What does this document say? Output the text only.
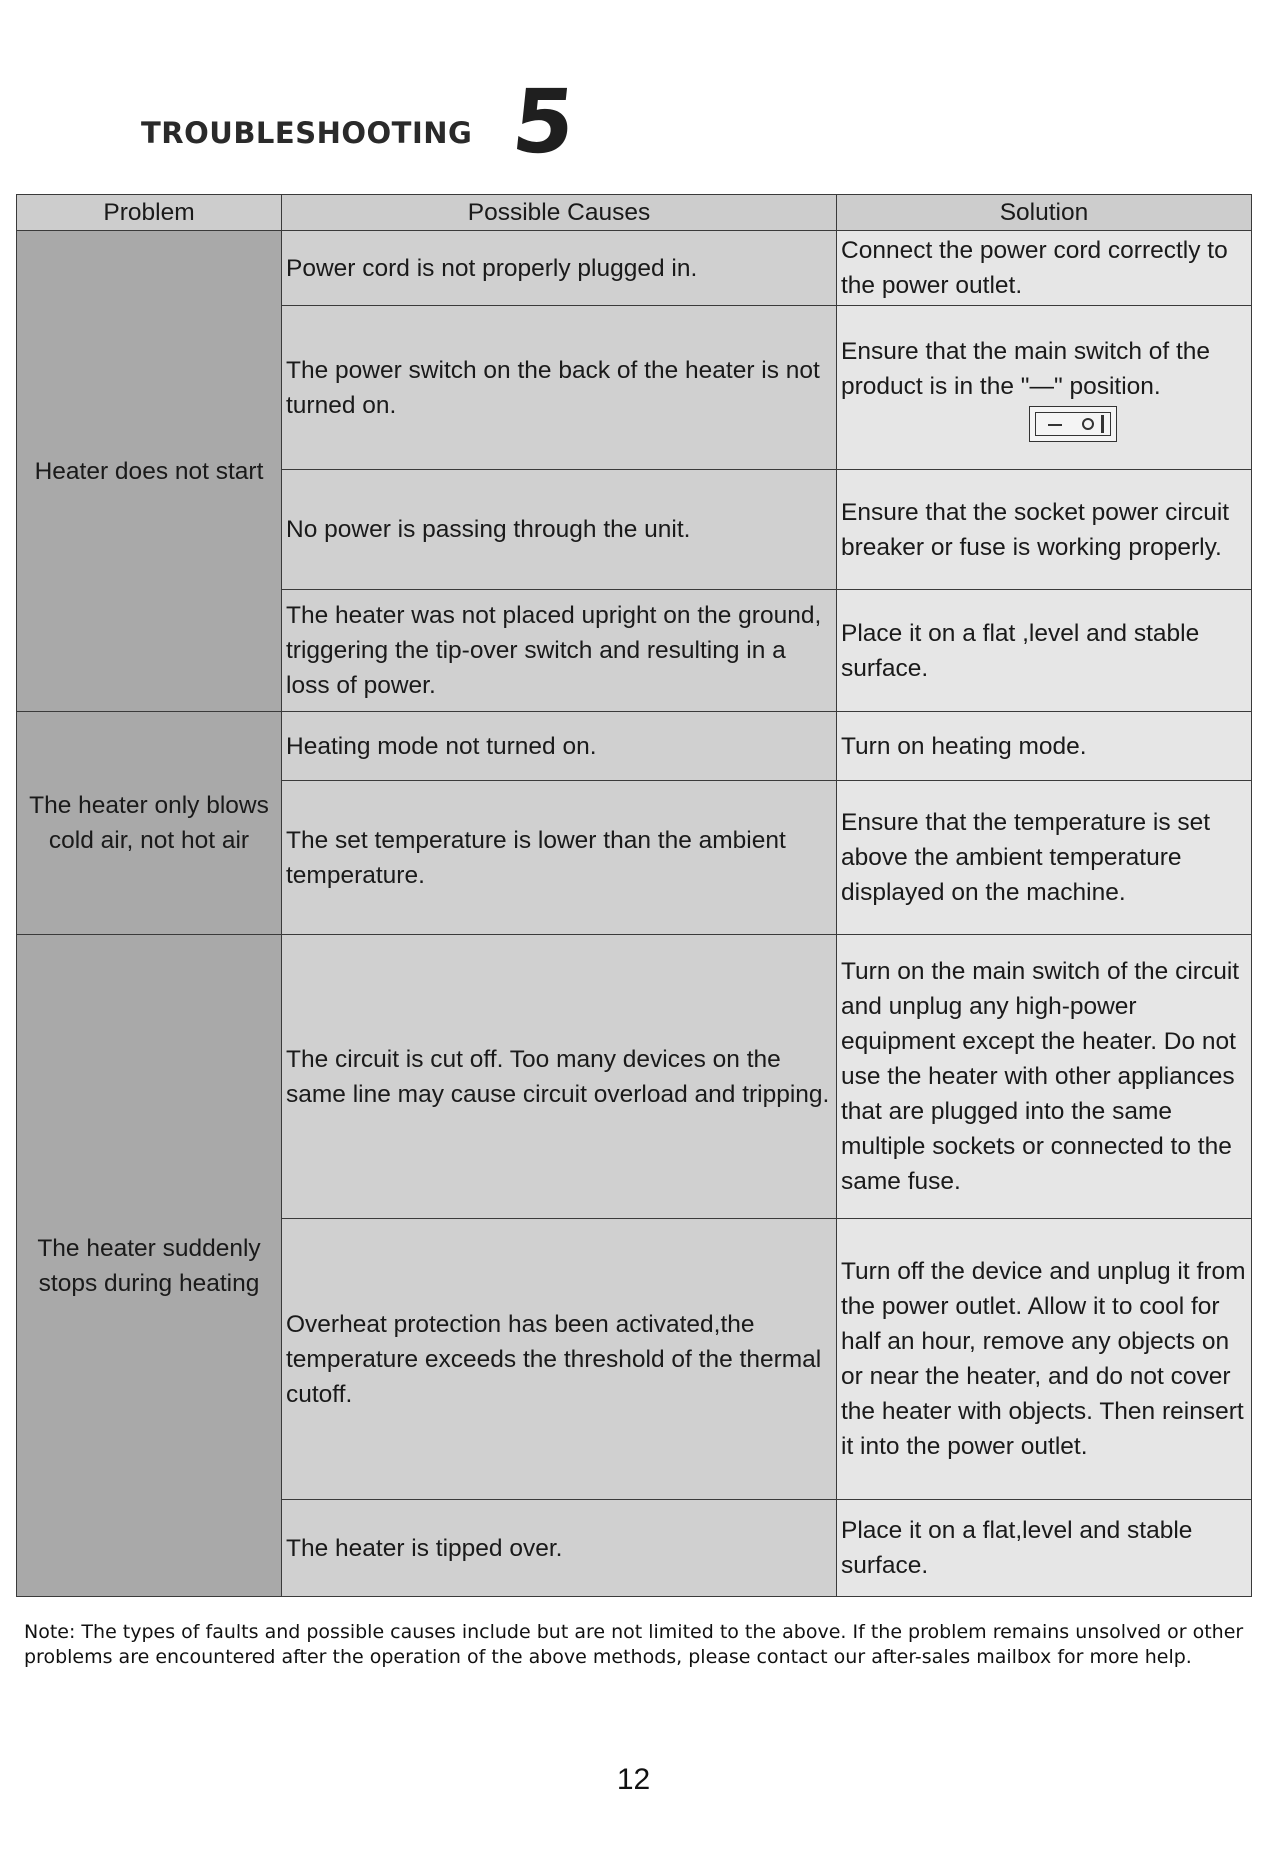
TROUBLESHOOTING 5
Problem	Possible Causes	Solution
Heater does not start	Power cord is not properly plugged in.	Connect the power cord correctly to the power outlet.
	The power switch on the back of the heater is not turned on.	Ensure that the main switch of the product is in the "—" position.

	No power is passing through the unit.	Ensure that the socket power circuit breaker or fuse is working properly.
	The heater was not placed upright on the ground, triggering the tip-over switch and resulting in a loss of power.	Place it on a flat ,level and stable surface.
The heater only blows cold air, not hot air	Heating mode not turned on.	Turn on heating mode.
	The set temperature is lower than the ambient temperature.	Ensure that the temperature is set above the ambient temperature displayed on the machine.
The heater suddenly stops during heating	The circuit is cut off. Too many devices on the same line may cause circuit overload and tripping.	Turn on the main switch of the circuit and unplug any high-power equipment except the heater. Do not use the heater with other appliances that are plugged into the same multiple sockets or connected to the same fuse.
	Overheat protection has been activated,the temperature exceeds the threshold of the thermal cutoff.	Turn off the device and unplug it from the power outlet. Allow it to cool for half an hour, remove any objects on or near the heater, and do not cover the heater with objects. Then reinsert it into the power outlet.
	The heater is tipped over.	Place it on a flat,level and stable surface.
Note: The types of faults and possible causes include but are not limited to the above. If the problem remains unsolved or other problems are encountered after the operation of the above methods, please contact our after-sales mailbox for more help.
12
